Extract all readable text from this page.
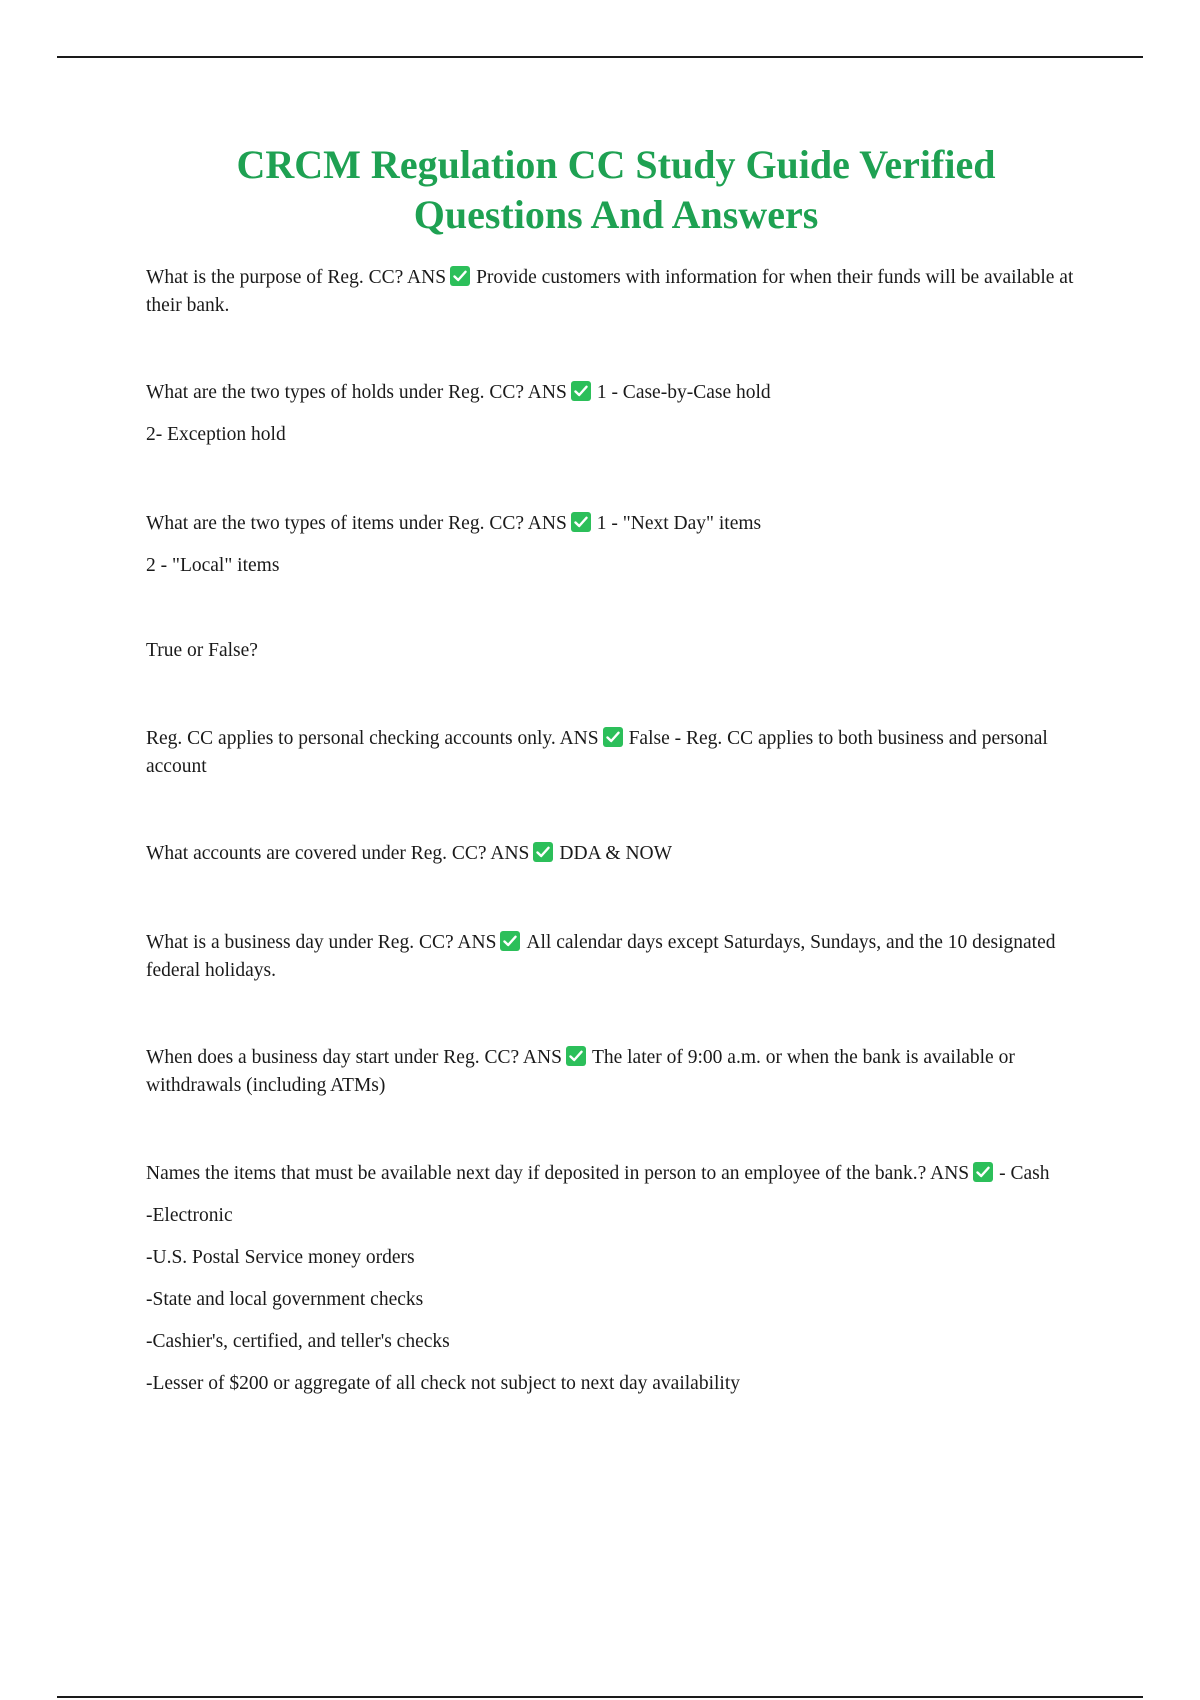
CRCM Regulation CC Study Guide Verified
Questions And Answers

What is the purpose of Reg. CC? ANS Provide customers with information for when their funds will be available at their bank.

What are the two types of holds under Reg. CC? ANS 1 - Case-by-Case hold

2- Exception hold

What are the two types of items under Reg. CC? ANS 1 - "Next Day" items

2 - "Local" items

True or False?

Reg. CC applies to personal checking accounts only. ANS False - Reg. CC applies to both business and personal account

What accounts are covered under Reg. CC? ANS DDA & NOW

What is a business day under Reg. CC? ANS All calendar days except Saturdays, Sundays, and the 10 designated federal holidays.

When does a business day start under Reg. CC? ANS The later of 9:00 a.m. or when the bank is available or withdrawals (including ATMs)

Names the items that must be available next day if deposited in person to an employee of the bank.? ANS - Cash

-Electronic

-U.S. Postal Service money orders

-State and local government checks

-Cashier's, certified, and teller's checks

-Lesser of $200 or aggregate of all check not subject to next day availability
